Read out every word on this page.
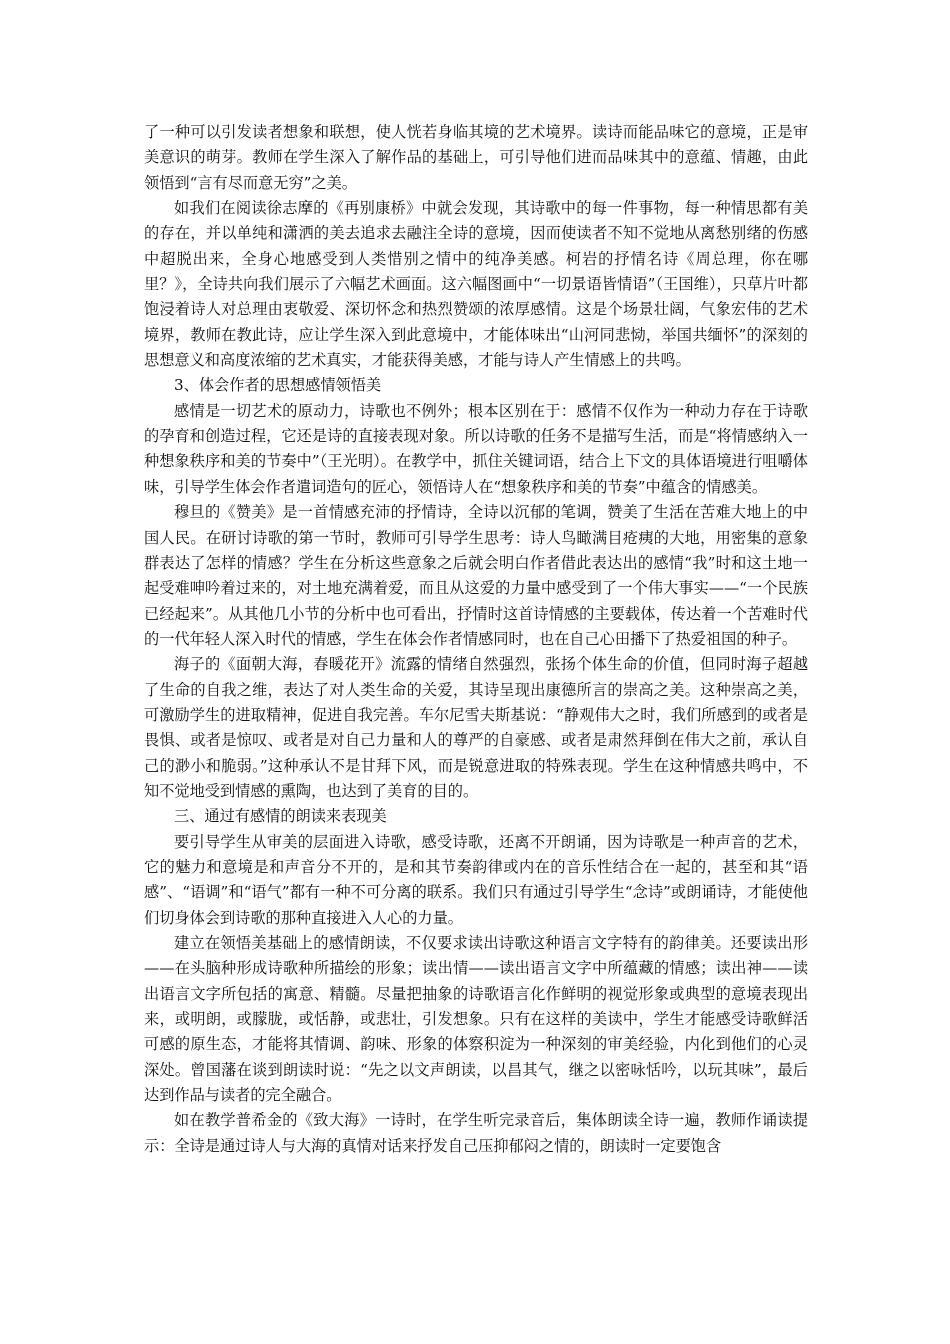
了一种可以引发读者想象和联想，使人恍若身临其境的艺术境界。读诗而能品味它的意境，正是审美意识的萌芽。教师在学生深入了解作品的基础上，可引导他们进而品味其中的意蕴、情趣，由此领悟到“言有尽而意无穷”之美。

如我们在阅读徐志摩的《再别康桥》中就会发现，其诗歌中的每一件事物，每一种情思都有美的存在，并以单纯和潇洒的美去追求去融注全诗的意境，因而使读者不知不觉地从离愁别绪的伤感中超脱出来，全身心地感受到人类惜别之情中的纯净美感。柯岩的抒情名诗《周总理，你在哪里？》，全诗共向我们展示了六幅艺术画面。这六幅图画中“一切景语皆情语”（王国维），只草片叶都饱浸着诗人对总理由衷敬爱、深切怀念和热烈赞颂的浓厚感情。这是个场景壮阔，气象宏伟的艺术境界，教师在教此诗，应让学生深入到此意境中，才能体味出“山河同悲恸，举国共缅怀”的深刻的思想意义和高度浓缩的艺术真实，才能获得美感，才能与诗人产生情感上的共鸣。

3、体会作者的思想感情领悟美

感情是一切艺术的原动力，诗歌也不例外；根本区别在于：感情不仅作为一种动力存在于诗歌的孕育和创造过程，它还是诗的直接表现对象。所以诗歌的任务不是描写生活，而是“将情感纳入一种想象秩序和美的节奏中”（王光明）。在教学中，抓住关键词语，结合上下文的具体语境进行咀嚼体味，引导学生体会作者遣词造句的匠心，领悟诗人在“想象秩序和美的节奏”中蕴含的情感美。

穆旦的《赞美》是一首情感充沛的抒情诗，全诗以沉郁的笔调，赞美了生活在苦难大地上的中国人民。在研讨诗歌的第一节时，教师可引导学生思考：诗人鸟瞰满目疮痍的大地，用密集的意象群表达了怎样的情感？学生在分析这些意象之后就会明白作者借此表达出的感情“我”时和这土地一起受难呻吟着过来的，对土地充满着爱，而且从这爱的力量中感受到了一个伟大事实——“一个民族已经起来”。从其他几小节的分析中也可看出，抒情时这首诗情感的主要载体，传达着一个苦难时代的一代年轻人深入时代的情感，学生在体会作者情感同时，也在自己心田播下了热爱祖国的种子。

海子的《面朝大海，春暖花开》流露的情绪自然强烈，张扬个体生命的价值，但同时海子超越了生命的自我之维，表达了对人类生命的关爱，其诗呈现出康德所言的崇高之美。这种崇高之美，可激励学生的进取精神，促进自我完善。车尔尼雪夫斯基说：“静观伟大之时，我们所感到的或者是畏惧、或者是惊叹、或者是对自己力量和人的尊严的自豪感、或者是肃然拜倒在伟大之前，承认自己的渺小和脆弱。”这种承认不是甘拜下风，而是锐意进取的特殊表现。学生在这种情感共鸣中，不知不觉地受到情感的熏陶，也达到了美育的目的。

三、通过有感情的朗读来表现美

要引导学生从审美的层面进入诗歌，感受诗歌，还离不开朗诵，因为诗歌是一种声音的艺术，它的魅力和意境是和声音分不开的，是和其节奏韵律或内在的音乐性结合在一起的，甚至和其“语感”、“语调”和“语气”都有一种不可分离的联系。我们只有通过引导学生“念诗”或朗诵诗，才能使他们切身体会到诗歌的那种直接进入人心的力量。

建立在领悟美基础上的感情朗读，不仅要求读出诗歌这种语言文字特有的韵律美。还要读出形——在头脑种形成诗歌种所描绘的形象；读出情——读出语言文字中所蕴藏的情感；读出神——读出语言文字所包括的寓意、精髓。尽量把抽象的诗歌语言化作鲜明的视觉形象或典型的意境表现出来，或明朗，或朦胧，或恬静，或悲壮，引发想象。只有在这样的美读中，学生才能感受诗歌鲜活可感的原生态，才能将其情调、韵味、形象的体察积淀为一种深刻的审美经验，内化到他们的心灵深处。曾国藩在谈到朗读时说：“先之以文声朗读，以昌其气，继之以密咏恬吟，以玩其味”，最后达到作品与读者的完全融合。

如在教学普希金的《致大海》一诗时，在学生听完录音后，集体朗读全诗一遍，教师作诵读提示：全诗是通过诗人与大海的真情对话来抒发自己压抑郁闷之情的，朗读时一定要饱含
